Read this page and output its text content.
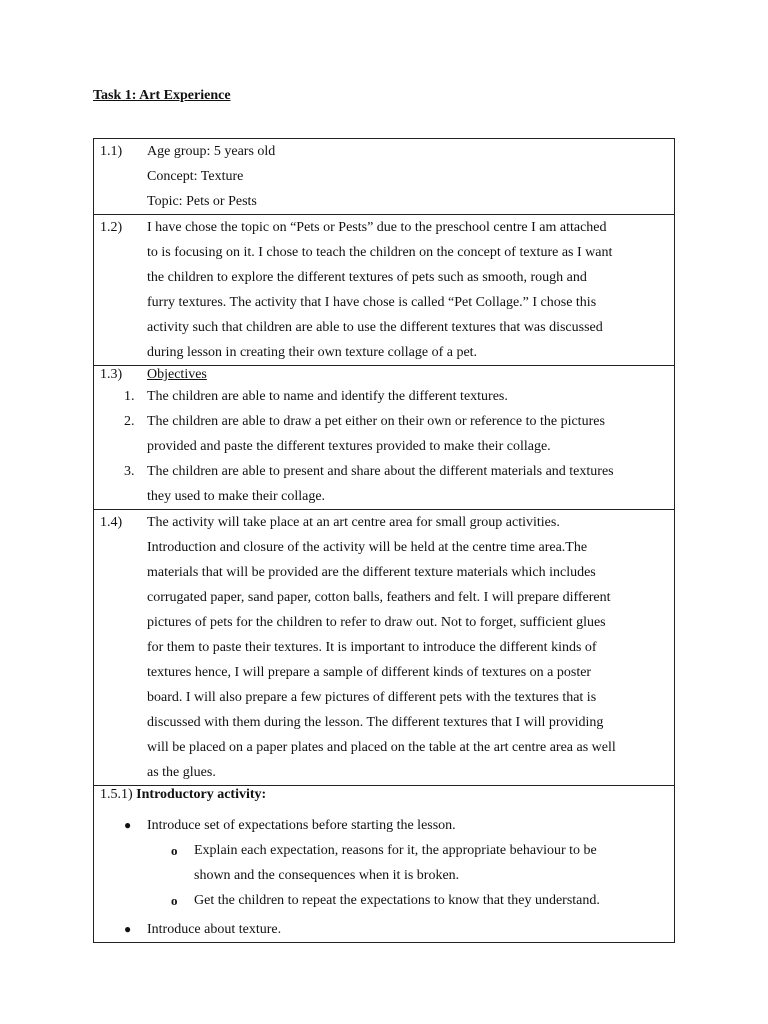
Task 1: Art Experience
1.1) Age group: 5 years old
Concept: Texture
Topic: Pets or Pests

1.2) I have chose the topic on “Pets or Pests” due to the preschool centre I am attached
to is focusing on it. I chose to teach the children on the concept of texture as I want
the children to explore the different textures of pets such as smooth, rough and
furry textures. The activity that I have chose is called “Pet Collage.” I chose this
activity such that children are able to use the different textures that was discussed
during lesson in creating their own texture collage of a pet.

1.3)	Objectives
1. The children are able to name and identify the different textures.
2. The children are able to draw a pet either on their own or reference to the pictures
provided and paste the different textures provided to make their collage.
3. The children are able to present and share about the different materials and textures
they used to make their collage.

1.4) The activity will take place at an art centre area for small group activities.
Introduction and closure of the activity will be held at the centre time area.The
materials that will be provided are the different texture materials which includes
corrugated paper, sand paper, cotton balls, feathers and felt. I will prepare different
pictures of pets for the children to refer to draw out. Not to forget, sufficient glues
for them to paste their textures. It is important to introduce the different kinds of
textures hence, I will prepare a sample of different kinds of textures on a poster
board. I will also prepare a few pictures of different pets with the textures that is
discussed with them during the lesson. The different textures that I will providing
will be placed on a paper plates and placed on the table at the art centre area as well
as the glues.

1.5.1) Introductory activity:
● Introduce set of expectations before starting the lesson.
o Explain each expectation, reasons for it, the appropriate behaviour to be
shown and the consequences when it is broken.
o Get the children to repeat the expectations to know that they understand.
● Introduce about texture.
